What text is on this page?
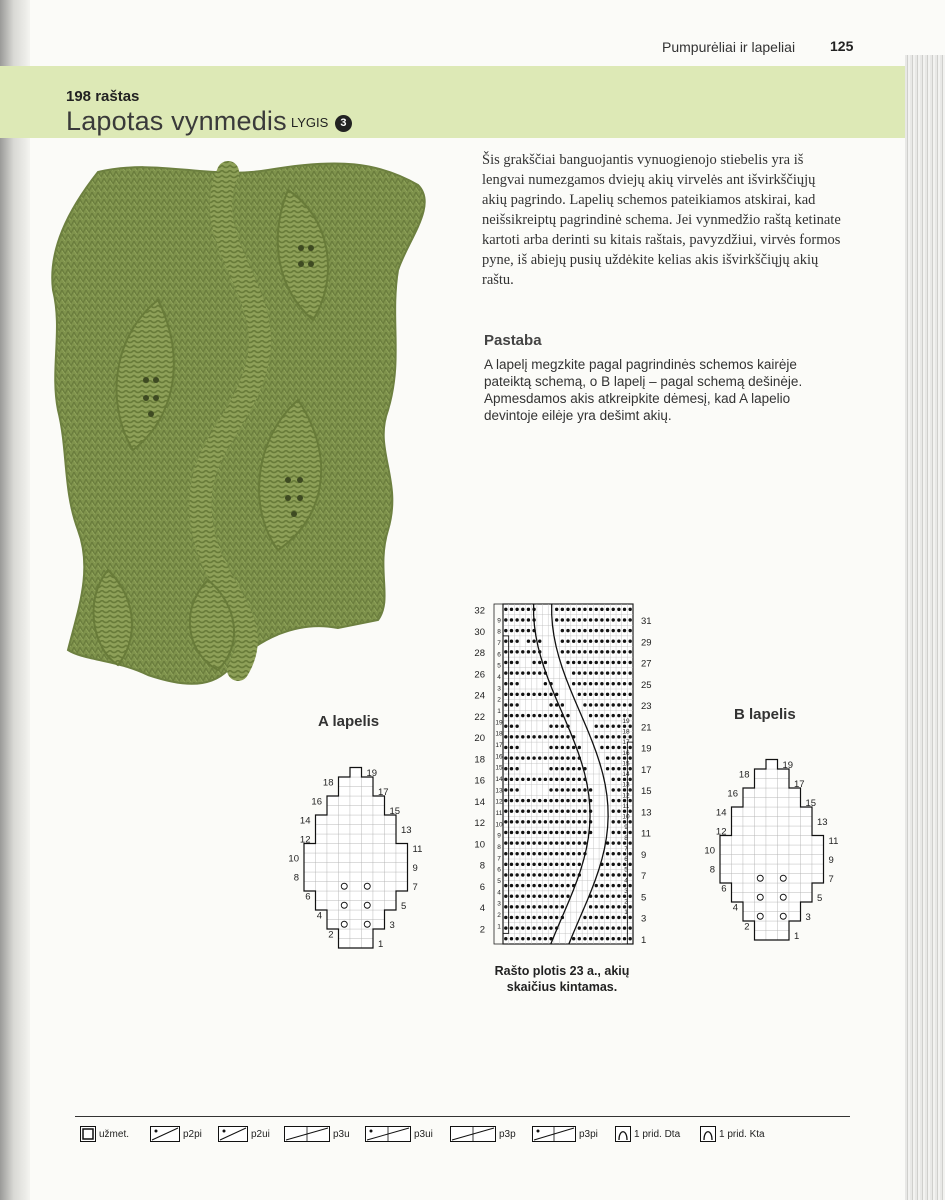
Pumpurėliai ir lapeliai 125
198 raštas
Lapotas vynmedis LYGIS 3

Šis grakščiai banguojantis vynuogienojo stiebelis yra iš lengvai numezgamos dviejų akių virvelės ant išvirkščiųjų akių pagrindo. Lapelių schemos pateikiamos atskirai, kad neišsikreiptų pagrindinė schema. Jei vynmedžio raštą ketinate kartoti arba derinti su kitais raštais, pavyzdžiui, virvės formos pyne, iš abiejų pusių uždėkite kelias akis išvirkščiųjų akių raštu.

Pastaba

A lapelį megzkite pagal pagrindinės schemos kairėje pateiktą schemą, o B lapelį – pagal schemą dešinėje. Apmesdamos akis atkreipkite dėmesį, kad A lapelio devintoje eilėje yra dešimt akių.

A lapelis	B lapelis
2
4
6
8
10
12
14
16
18
20
22
24
26
28
30
32
1
3
5
7
9
11
13
15
17
19
21
23
25
27
29
31
1
2
3
4
5
6
7
8
9
10
11
12
13
14
15
16
17
18
19
1
2
3
4
5
6
7
8
9
1
2
3
4
5
6
7
8
9
10
11
12
13
14
15
16
17
18
19
1
3
5
7
9
11
13
15
17
19
2
4
6
8
10
12
14
16
18
1
3
5
7
9
11
13
15
17
19
2
4
6
8
10
12
14
16
18
Rašto plotis 23 a., akių
skaičius kintamas.
užmet.	p2pi	p2ui	p3u	p3ui	p3p	p3pi	1 prid. Dta	1 prid. Kta
